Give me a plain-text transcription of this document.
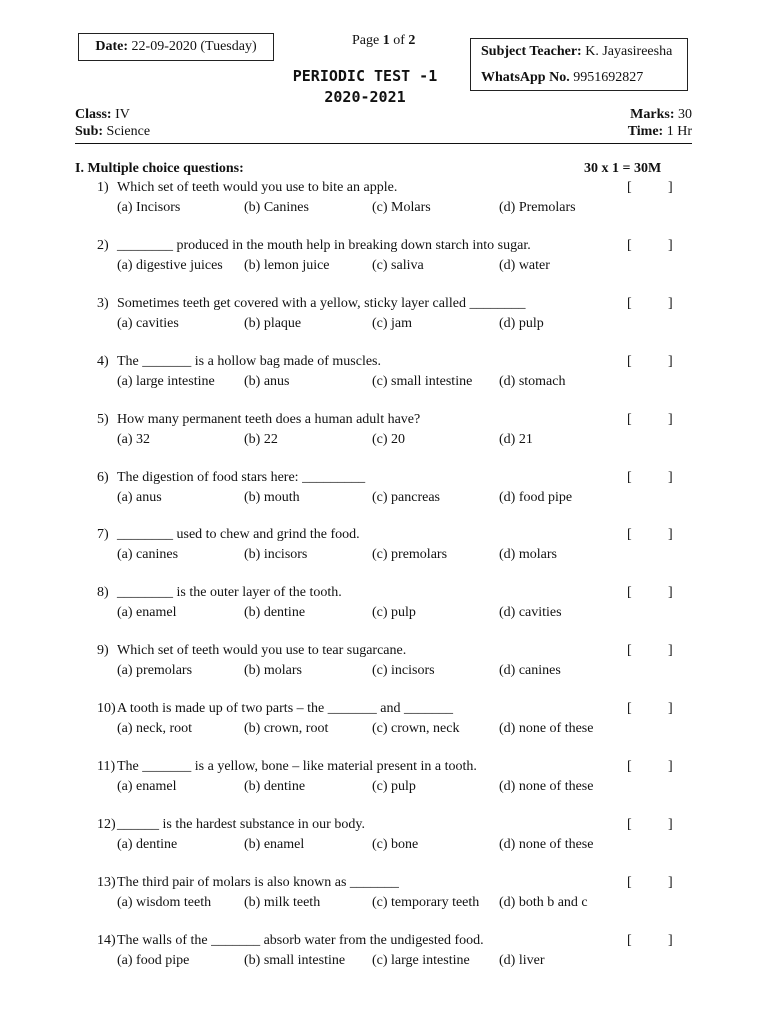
Date:
22-09-2020 (Tuesday)	Page 1 of 2
Subject Teacher: K. Jayasireesha
WhatsApp No. 9951692827
PERIODIC TEST -1
2020-2021
Class: IV
Sub: Science
Marks: 30
Time: 1 Hr
I. Multiple choice questions:	30 x 1 = 30M
1) Which set of teeth would you use to bite an apple.	[	]
(a) Incisors	(b) Canines	(c) Molars	(d) Premolars
2) ________ produced in the mouth help in breaking down starch into sugar.	[	]
(a) digestive juices (b) lemon juice	(c) saliva	(d) water
3) Sometimes teeth get covered with a yellow, sticky layer called ________	[	]
(a) cavities	(b) plaque	(c) jam	(d) pulp
4) The _______ is a hollow bag made of muscles.	[	]
(a) large intestine (b) anus	(c) small intestine (d) stomach
5) How many permanent teeth does a human adult have?	[	]
(a) 32	(b) 22	(c) 20	(d) 21
6) The digestion of food stars here: _________	[	]
(a) anus	(b) mouth	(c) pancreas	(d) food pipe
7) ________ used to chew and grind the food.	[	]
(a) canines	(b) incisors	(c) premolars	(d) molars
8) ________ is the outer layer of the tooth.	[	]
(a) enamel	(b) dentine	(c) pulp	(d) cavities
9) Which set of teeth would you use to tear sugarcane.	[	]
(a) premolars	(b) molars	(c) incisors	(d) canines
10) A tooth is made up of two parts – the _______ and _______	[	]
(a) neck, root	(b) crown, root	(c) crown, neck	(d) none of these
11) The _______ is a yellow, bone – like material present in a tooth.	[	]
(a) enamel	(b) dentine	(c) pulp	(d) none of these
12) ______ is the hardest substance in our body.	[	]
(a) dentine	(b) enamel	(c) bone	(d) none of these
13) The third pair of molars is also known as _______	[	]
(a) wisdom teeth (b) milk teeth	(c) temporary teeth (d) both b and c
14) The walls of the _______ absorb water from the undigested food.	[	]
(a) food pipe	(b) small intestine (c) large intestine (d) liver
